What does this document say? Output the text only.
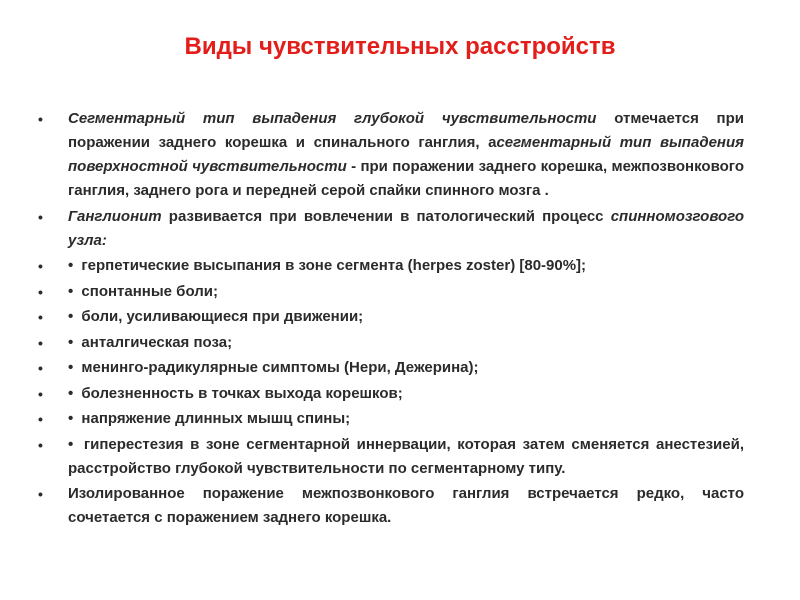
Виды чувствительных расстройств
• Сегментарный тип выпадения глубокой чувствительности отмечается при поражении заднего корешка и спинального ганглия, асегментарный тип выпадения поверхностной чувствительности - при поражении заднего корешка, межпозвонкового ганглия, заднего рога и передней серой спайки спинного мозга .
• Ганглионит развивается при вовлечении в патологический процесс спинномозгового узла:
• • герпетические высыпания в зоне сегмента (herpes zoster) [80-90%];
• • спонтанные боли;
• • боли, усиливающиеся при движении;
• • анталгическая поза;
• • менинго-радикулярные симптомы (Нери, Дежерина);
• • болезненность в точках выхода корешков;
• • напряжение длинных мышц спины;
• • гиперестезия в зоне сегментарной иннервации, которая затем сменяется анестезией, расстройство глубокой чувствительности по сегментарному типу.
• Изолированное поражение межпозвонкового ганглия встречается редко, часто сочетается с поражением заднего корешка.
